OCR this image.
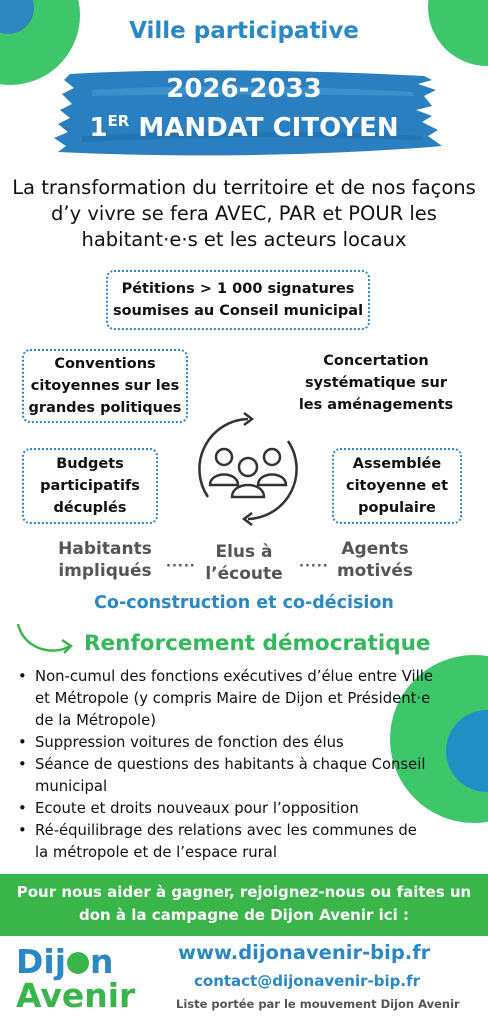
Ville participative
2026-2033
1ER MANDAT CITOYEN
La transformation du territoire et de nos façons d’y vivre se fera AVEC, PAR et POUR les habitant·e·s et les acteurs locaux
Pétitions > 1 000 signatures soumises au Conseil municipal
Conventions citoyennes sur les grandes politiques
Concertation systématique sur les aménagements
Budgets participatifs décuplés
Assemblée citoyenne et populaire
Habitants impliqués	·····
Elus à l’écoute	·····
Agents motivés
Co-construction et co-décision
Renforcement démocratique
• Non-cumul des fonctions exécutives d’élue entre Ville et Métropole (y compris Maire de Dijon et Président·e de la Métropole)
• Suppression voitures de fonction des élus
• Séance de questions des habitants à chaque Conseil municipal
• Ecoute et droits nouveaux pour l’opposition
• Ré-équilibrage des relations avec les communes de la métropole et de l’espace rural
Pour nous aider à gagner, rejoignez-nous ou faites un don à la campagne de Dijon Avenir ici :
Dij n
Avenir
www.dijonavenir-bip.fr
contact@dijonavenir-bip.fr
Liste portée par le mouvement Dijon Avenir
